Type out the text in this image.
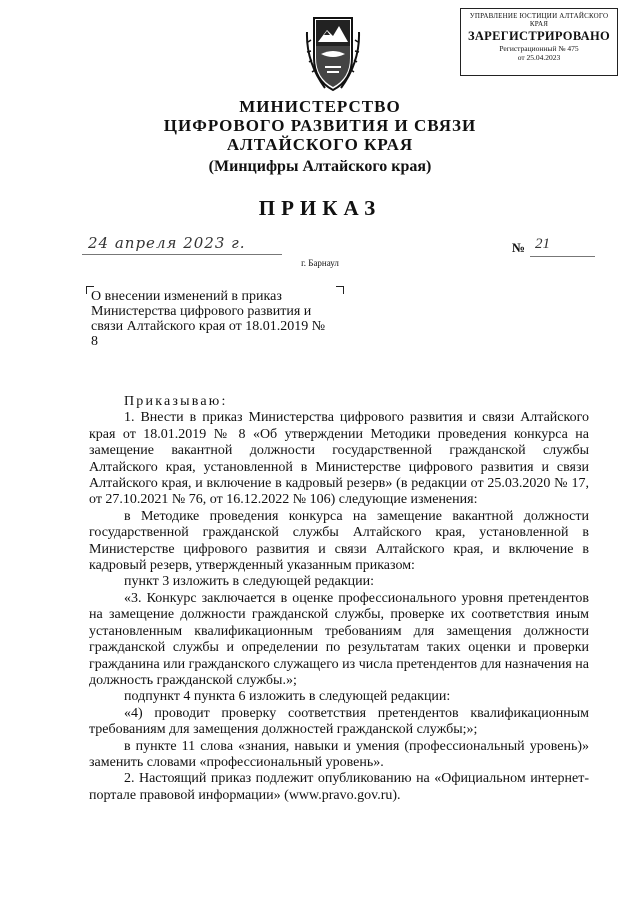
УПРАВЛЕНИЕ ЮСТИЦИИ АЛТАЙСКОГО КРАЯ
ЗАРЕГИСТРИРОВАНО
Регистрационный № 475
от 25.04.2023
МИНИСТЕРСТВО
ЦИФРОВОГО РАЗВИТИЯ И СВЯЗИ
АЛТАЙСКОГО КРАЯ
(Минцифры Алтайского края)
ПРИКАЗ
24 апреля 2023 г.	№ 21
г. Барнаул
О внесении изменений в приказ Министерства цифрового развития и связи Алтайского края от 18.01.2019 № 8

Приказываю:

1. Внести в приказ Министерства цифрового развития и связи Алтайского края от 18.01.2019 № 8 «Об утверждении Методики проведения конкурса на замещение вакантной должности государственной гражданской службы Алтайского края, установленной в Министерстве цифрового развития и связи Алтайского края, и включение в кадровый резерв» (в редакции от 25.03.2020 № 17, от 27.10.2021 № 76, от 16.12.2022 № 106) следующие изменения:

в Методике проведения конкурса на замещение вакантной должности государственной гражданской службы Алтайского края, установленной в Министерстве цифрового развития и связи Алтайского края, и включение в кадровый резерв, утвержденный указанным приказом:

пункт 3 изложить в следующей редакции:

«3. Конкурс заключается в оценке профессионального уровня претендентов на замещение должности гражданской службы, проверке их соответствия иным установленным квалификационным требованиям для замещения должности гражданской службы и определении по результатам таких оценки и проверки гражданина или гражданского служащего из числа претендентов для назначения на должность гражданской службы.»;

подпункт 4 пункта 6 изложить в следующей редакции:

«4) проводит проверку соответствия претендентов квалификационным требованиям для замещения должностей гражданской службы;»;

в пункте 11 слова «знания, навыки и умения (профессиональный уровень)» заменить словами «профессиональный уровень».

2. Настоящий приказ подлежит опубликованию на «Официальном интернет-портале правовой информации» (www.pravo.gov.ru).
